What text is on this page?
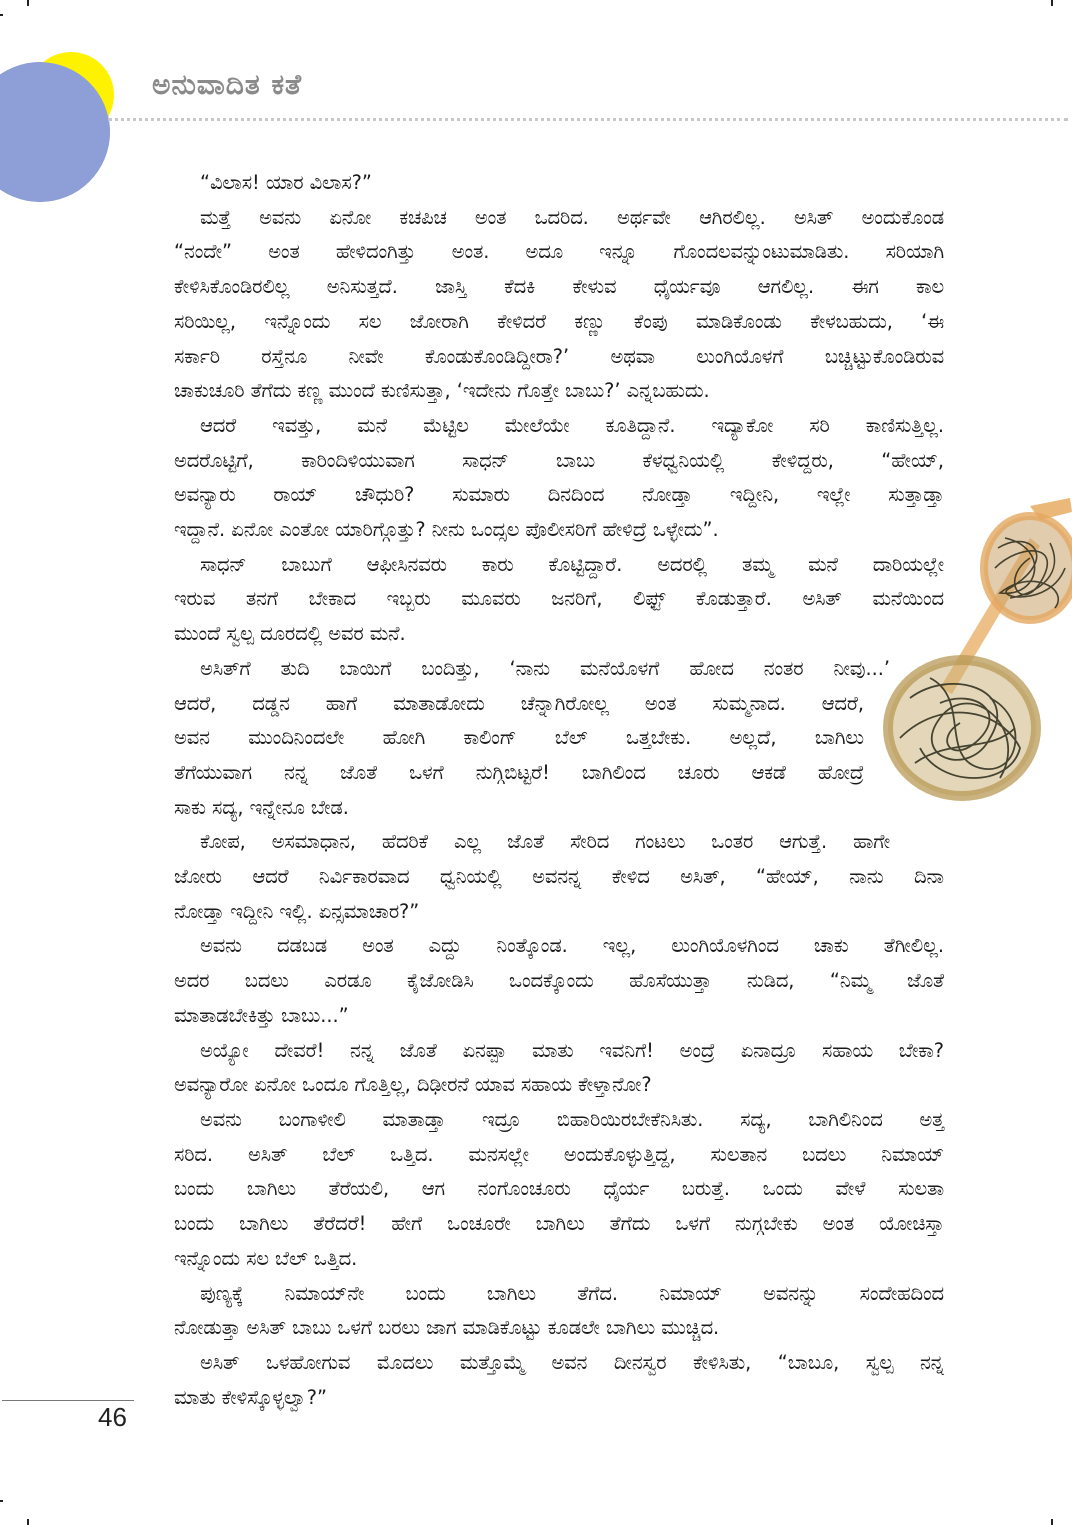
ಅನುವಾದಿತ ಕತೆ
“ವಿಲಾಸ! ಯಾರ ವಿಲಾಸ?”
ಮತ್ತೆ ಅವನು ಏನೋ ಕಚಪಿಚ ಅಂತ ಒದರಿದ. ಅರ್ಥವೇ ಆಗಿರಲಿಲ್ಲ. ಅಸಿತ್ ಅಂದುಕೊಂಡ
“ನಂದೇ” ಅಂತ ಹೇಳಿದಂಗಿತ್ತು ಅಂತ. ಅದೂ ಇನ್ನೂ ಗೊಂದಲವನ್ನುಂಟುಮಾಡಿತು. ಸರಿಯಾಗಿ
ಕೇಳಿಸಿಕೊಂಡಿರಲಿಲ್ಲ ಅನಿಸುತ್ತದೆ. ಜಾಸ್ತಿ ಕೆದಕಿ ಕೇಳುವ ಧೈರ್ಯವೂ ಆಗಲಿಲ್ಲ. ಈಗ ಕಾಲ
ಸರಿಯಿಲ್ಲ, ಇನ್ನೊಂದು ಸಲ ಜೋರಾಗಿ ಕೇಳಿದರೆ ಕಣ್ಣು ಕೆಂಪು ಮಾಡಿಕೊಂಡು ಕೇಳಬಹುದು, ‘ಈ
ಸರ್ಕಾರಿ ರಸ್ತೆನೂ ನೀವೇ ಕೊಂಡುಕೊಂಡಿದ್ದೀರಾ?’ ಅಥವಾ ಲುಂಗಿಯೊಳಗೆ ಬಚ್ಚಿಟ್ಟುಕೊಂಡಿರುವ
ಚಾಕುಚೂರಿ ತೆಗೆದು ಕಣ್ಣ ಮುಂದೆ ಕುಣಿಸುತ್ತಾ, ‘ಇದೇನು ಗೊತ್ತೇ ಬಾಬು?’ ಎನ್ನಬಹುದು.
ಆದರೆ ಇವತ್ತು, ಮನೆ ಮೆಟ್ಟಿಲ ಮೇಲೆಯೇ ಕೂತಿದ್ದಾನೆ. ಇದ್ಯಾಕೋ ಸರಿ ಕಾಣಿಸುತ್ತಿಲ್ಲ.
ಅದರೊಟ್ಟಿಗೆ, ಕಾರಿಂದಿಳಿಯುವಾಗ ಸಾಧನ್ ಬಾಬು ಕೆಳಧ್ವನಿಯಲ್ಲಿ ಕೇಳಿದ್ದರು, “ಹೇಯ್,
ಅವನ್ಯಾರು ರಾಯ್ ಚೌಧುರಿ? ಸುಮಾರು ದಿನದಿಂದ ನೋಡ್ತಾ ಇದ್ದೀನಿ, ಇಲ್ಲೇ ಸುತ್ತಾಡ್ತಾ
ಇದ್ದಾನೆ. ಏನೋ ಎಂತೋ ಯಾರಿಗ್ಗೊತ್ತು? ನೀನು ಒಂದ್ಸಲ ಪೊಲೀಸರಿಗೆ ಹೇಳಿದ್ರೆ ಒಳ್ಳೇದು”.
ಸಾಧನ್ ಬಾಬುಗೆ ಆಫೀಸಿನವರು ಕಾರು ಕೊಟ್ಟಿದ್ದಾರೆ. ಅದರಲ್ಲಿ ತಮ್ಮ ಮನೆ ದಾರಿಯಲ್ಲೇ
ಇರುವ ತನಗೆ ಬೇಕಾದ ಇಬ್ಬರು ಮೂವರು ಜನರಿಗೆ, ಲಿಫ್ಟ್ ಕೊಡುತ್ತಾರೆ. ಅಸಿತ್ ಮನೆಯಿಂದ
ಮುಂದೆ ಸ್ವಲ್ಪ ದೂರದಲ್ಲಿ ಅವರ ಮನೆ.
ಅಸಿತ್‌ಗೆ ತುದಿ ಬಾಯಿಗೆ ಬಂದಿತ್ತು, ‘ನಾನು ಮನೆಯೊಳಗೆ ಹೋದ ನಂತರ ನೀವು...’
ಆದರೆ, ದಡ್ಡನ ಹಾಗೆ ಮಾತಾಡೋದು ಚೆನ್ನಾಗಿರೋಲ್ಲ ಅಂತ ಸುಮ್ಮನಾದ. ಆದರೆ,
ಅವನ ಮುಂದಿನಿಂದಲೇ ಹೋಗಿ ಕಾಲಿಂಗ್ ಬೆಲ್ ಒತ್ತಬೇಕು. ಅಲ್ಲದೆ, ಬಾಗಿಲು
ತೆಗೆಯುವಾಗ ನನ್ನ ಜೊತೆ ಒಳಗೆ ನುಗ್ಗಿಬಿಟ್ಟರೆ! ಬಾಗಿಲಿಂದ ಚೂರು ಆಕಡೆ ಹೋದ್ರೆ
ಸಾಕು ಸದ್ಯ, ಇನ್ನೇನೂ ಬೇಡ.
ಕೋಪ, ಅಸಮಾಧಾನ, ಹೆದರಿಕೆ ಎಲ್ಲ ಜೊತೆ ಸೇರಿದ ಗಂಟಲು ಒಂತರ ಆಗುತ್ತೆ. ಹಾಗೇ
ಜೋರು ಆದರೆ ನಿರ್ವಿಕಾರವಾದ ಧ್ವನಿಯಲ್ಲಿ ಅವನನ್ನ ಕೇಳಿದ ಅಸಿತ್, “ಹೇಯ್, ನಾನು ದಿನಾ
ನೋಡ್ತಾ ಇದ್ದೀನಿ ಇಲ್ಲಿ. ಏನ್ಸಮಾಚಾರ?”
ಅವನು ದಡಬಡ ಅಂತ ಎದ್ದು ನಿಂತ್ಕೊಂಡ. ಇಲ್ಲ, ಲುಂಗಿಯೊಳಗಿಂದ ಚಾಕು ತೆಗೀಲಿಲ್ಲ.
ಅದರ ಬದಲು ಎರಡೂ ಕೈಜೋಡಿಸಿ ಒಂದಕ್ಕೊಂದು ಹೊಸೆಯುತ್ತಾ ನುಡಿದ, “ನಿಮ್ಮ ಜೊತೆ
ಮಾತಾಡಬೇಕಿತ್ತು ಬಾಬು...”
ಅಯ್ಯೋ ದೇವರೆ! ನನ್ನ ಜೊತೆ ಏನಪ್ಪಾ ಮಾತು ಇವನಿಗೆ! ಅಂದ್ರೆ ಏನಾದ್ರೂ ಸಹಾಯ ಬೇಕಾ?
ಅವನ್ಯಾರೋ ಏನೋ ಒಂದೂ ಗೊತ್ತಿಲ್ಲ, ದಿಢೀರನೆ ಯಾವ ಸಹಾಯ ಕೇಳ್ತಾನೋ?
ಅವನು ಬಂಗಾಳೀಲಿ ಮಾತಾಡ್ತಾ ಇದ್ರೂ ಬಿಹಾರಿಯಿರಬೇಕೆನಿಸಿತು. ಸದ್ಯ, ಬಾಗಿಲಿನಿಂದ ಅತ್ತ
ಸರಿದ. ಅಸಿತ್ ಬೆಲ್ ಒತ್ತಿದ. ಮನಸಲ್ಲೇ ಅಂದುಕೊಳ್ಳುತ್ತಿದ್ದ, ಸುಲತಾನ ಬದಲು ನಿಮಾಯ್
ಬಂದು ಬಾಗಿಲು ತೆರೆಯಲಿ, ಆಗ ನಂಗೊಂಚೂರು ಧೈರ್ಯ ಬರುತ್ತೆ. ಒಂದು ವೇಳೆ ಸುಲತಾ
ಬಂದು ಬಾಗಿಲು ತೆರೆದರೆ! ಹೇಗೆ ಒಂಚೂರೇ ಬಾಗಿಲು ತೆಗೆದು ಒಳಗೆ ನುಗ್ಗಬೇಕು ಅಂತ ಯೋಚಿಸ್ತಾ
ಇನ್ನೊಂದು ಸಲ ಬೆಲ್ ಒತ್ತಿದ.
ಪುಣ್ಯಕ್ಕೆ ನಿಮಾಯ್‌ನೇ ಬಂದು ಬಾಗಿಲು ತೆಗೆದ. ನಿಮಾಯ್ ಅವನನ್ನು ಸಂದೇಹದಿಂದ
ನೋಡುತ್ತಾ ಅಸಿತ್ ಬಾಬು ಒಳಗೆ ಬರಲು ಜಾಗ ಮಾಡಿಕೊಟ್ಟು ಕೂಡಲೇ ಬಾಗಿಲು ಮುಚ್ಚಿದ.
ಅಸಿತ್ ಒಳಹೋಗುವ ಮೊದಲು ಮತ್ತೊಮ್ಮೆ ಅವನ ದೀನಸ್ವರ ಕೇಳಿಸಿತು, “ಬಾಬೂ, ಸ್ವಲ್ಪ ನನ್ನ
ಮಾತು ಕೇಳಿಸ್ಕೊಳ್ಳಲ್ವಾ?”
46
